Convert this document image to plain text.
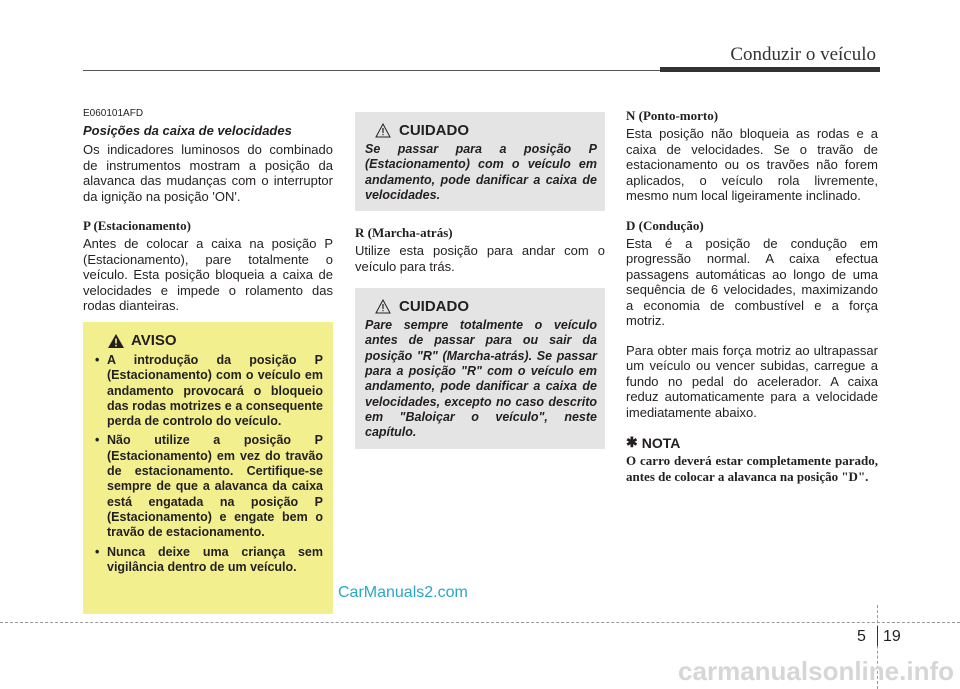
Conduzir o veículo
E060101AFD
Posições da caixa de velocidades

Os indicadores luminosos do combinado de instrumentos mostram a posição da alavanca das mudanças com o interruptor da ignição na posição 'ON'.

P (Estacionamento)

Antes de colocar a caixa na posição P (Estacionamento), pare totalmente o veículo. Esta posição bloqueia a caixa de velocidades e impede o rolamento das rodas dianteiras.

AVISO
• A introdução da posição P (Estacionamento) com o veículo em andamento provocará o bloqueio das rodas motrizes e a consequente perda de controlo do veículo.
• Não utilize a posição P (Estacionamento) em vez do travão de estacionamento. Certifique-se sempre de que a alavanca da caixa está engatada na posição P (Estacionamento) e engate bem o travão de estacionamento.
• Nunca deixe uma criança sem vigilância dentro de um veículo.
CUIDADO
Se passar para a posição P (Estacionamento) com o veículo em andamento, pode danificar a caixa de velocidades.
R (Marcha-atrás)

Utilize esta posição para andar com o veículo para trás.

CUIDADO
Pare sempre totalmente o veículo antes de passar para ou sair da posição "R" (Marcha-atrás). Se passar para a posição "R" com o veículo em andamento, pode danificar a caixa de velocidades, excepto no caso descrito em "Baloiçar o veículo", neste capítulo.
N (Ponto-morto)

Esta posição não bloqueia as rodas e a caixa de velocidades. Se o travão de estacionamento ou os travões não forem aplicados, o veículo rola livremente, mesmo num local ligeiramente inclinado.

D (Condução)

Esta é a posição de condução em progressão normal. A caixa efectua passagens automáticas ao longo de uma sequência de 6 velocidades, maximizando a economia de combustível e a força motriz.

Para obter mais força motriz ao ultrapassar um veículo ou vencer subidas, carregue a fundo no pedal do acelerador. A caixa reduz automaticamente para a velocidade imediatamente abaixo.

✱ NOTA
O carro deverá estar completamente parado, antes de colocar a alavanca na posição "D".
CarManuals2.com
5 19
carmanualsonline.info
